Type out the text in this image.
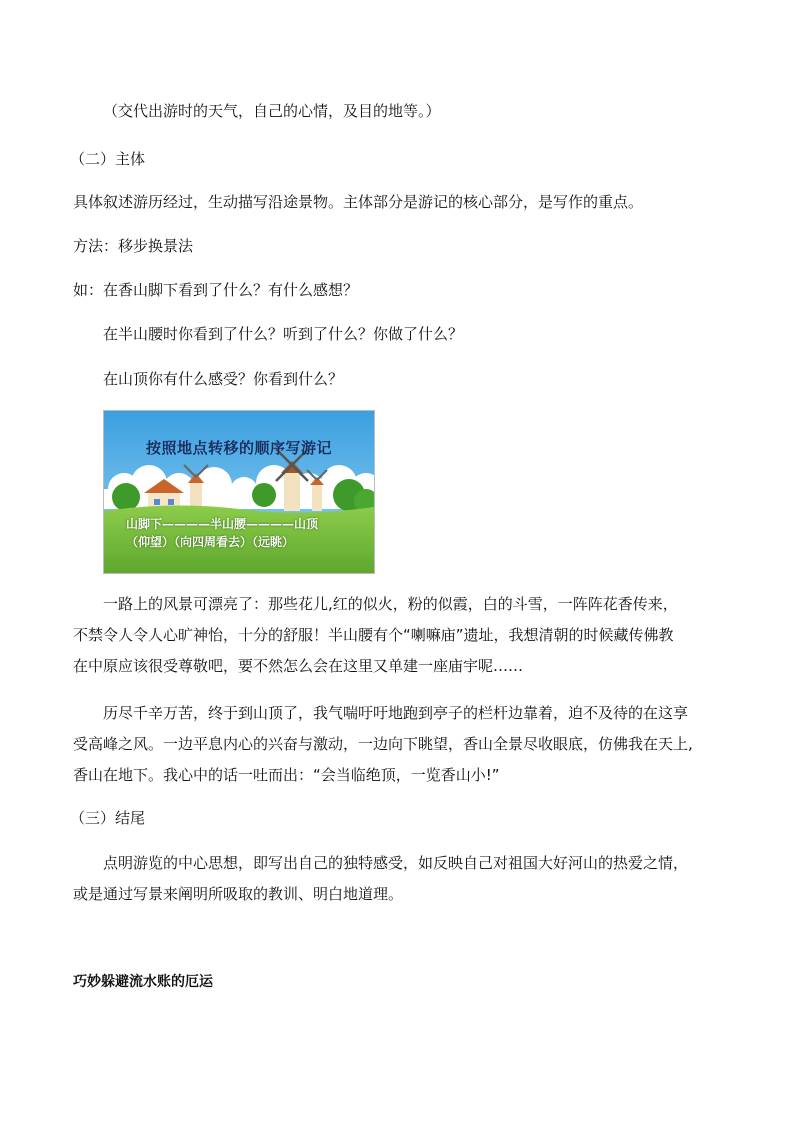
（交代出游时的天气，自己的心情，及目的地等。）
（二）主体
具体叙述游历经过，生动描写沿途景物。主体部分是游记的核心部分，是写作的重点。
方法：移步换景法
如：在香山脚下看到了什么？有什么感想？
在半山腰时你看到了什么？听到了什么？你做了什么？
在山顶你有什么感受？你看到什么？
按照地点转移的顺序写游记
山脚下————半山腰————山顶
（仰望）（向四周看去）（远眺）
一路上的风景可漂亮了：那些花儿,红的似火，粉的似霞，白的斗雪，一阵阵花香传来，
不禁令人令人心旷神怡，十分的舒服！半山腰有个“喇嘛庙”遗址，我想清朝的时候藏传佛教
在中原应该很受尊敬吧，要不然怎么会在这里又单建一座庙宇呢……
历尽千辛万苦，终于到山顶了，我气喘吁吁地跑到亭子的栏杆边靠着，迫不及待的在这享
受高峰之风。一边平息内心的兴奋与激动，一边向下眺望，香山全景尽收眼底，仿佛我在天上,
香山在地下。我心中的话一吐而出：“会当临绝顶，一览香山小!”
（三）结尾
点明游览的中心思想，即写出自己的独特感受，如反映自己对祖国大好河山的热爱之情，
或是通过写景来阐明所吸取的教训、明白地道理。
巧妙躲避流水账的厄运
